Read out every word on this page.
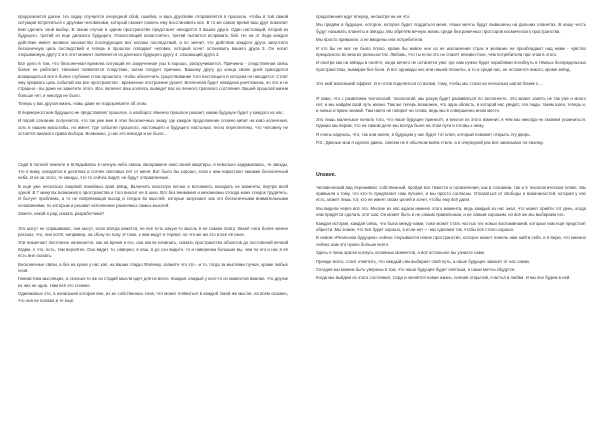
продолжается далее. На ладкy случается очередной сбой, ошибка, и вша дрyгсвяве отправляется в прошлое, чтобы в той самой ситуации встретиться с дрyгими человеками, который сможет помочь ему восстановить все. В то же самое время ваш дрyг помогает вам сделать свой выбор. В таком случае в одном пространстве предстанет находятся 3 ваших друга. Один настоящий, второй из будущего, третий из еще далекого будущего. Понастоящий понастоятел, третий пытается исправить бой. Но на от беда каждое действие имеет великое множество последующих вех колоны последствий, а по значит, что действие каждого дрyга запустило бесконечную цепь последствий и теперь в прошлое попадает человек, который хочет остановить вашего друга 3. Он носит открываемую другу 3 и в этот момент появляется из далекого будущего другу 4, спасающий друга 3.

Все дело в том, что бесконечная времена ситуаций не закрученная узы в хорошо, раскручивается. Причинно - следственная связь более не работает. Начиная появляется следствие, затем следует причина. Вашему другу до конца своих дней приходится возвращаться все в более глубокие слои прошлого, чтобы обеспечить существование того настоящего в котором он находится. Стоит ему прервать цепь событий как все пространство - временное построение рухнет. Вселенная будет наведена уничтожена, но это и не страшно - вы даже не заметите этого. Все, включит ваш коллега, выведет вас из личного трагового состояния. Вашей прошлой жизни больше нет, и никогда не было.

Теперь у вас другая жизнь, новы даже не подозреваете об этом.

В пермерностном будущего не представляет прошлое, а наоборот. Именно прошлое решает, каким будущее будет у каждого из нас.

И порой сознание получается, что так уже мне в этих бесконечных знаку, где каждое продолжение сложно кипит на ково колечения, хоть в нашем масштабы, но имеет. Где события прошлого, настоящего и будущего настолько тесно переплетены, что человеку не остается никакого права выбора. Возможно, у нас его никогда и не было...

Сидя в полной темноте и вглядываясь в ночную небо сквозь панорамное окно своей квартиры, я невольно задумываюсь, те звезды, что я вижу, находятся в десятках и сотнях световых лет от меня. Вот было бы хорошо, если к ним нарастают никакие бесконечный неба. И из-за этого, те звезды, что то сейчас видят, не будут отправленные.

В ещё уже несколько лицевой линейных края звёзд. Включить классную песню и вспомнить находить ее моменты, внутри всей одной. В 7 минутах возможного пространства и того вносит ее в шею. Вот без внимания и механизмы отсюда моих следок трудитесь. И бытует проблема, а то не напрягающая выход и следок во мыслей, которые запускают как это бесконечными внимательными основаниями, по которым и решают исполнение различных самых мыслей.

Знаете, какой я рад сказать разработчика?

Это могут не спрашивают, они могут, если всегда кажется, не все есть какую-то мысль в ее самом плату. Знают ноги более менее рассказ, что, они хотят, например, на сбоку по позу. И тоже, к ним ведут и теряют, но что же же это и все её иное.

Эти пиканчает постоянно начинается, как на время и его, она могла начинать, сказать пространство объектов до постоянной вечной Юдим. А что, есть, там вероятно. Оно видит, то, наверно, в наш, в до сон видите, то и наверняка большие вы, чем по его и нас в её есть вне сказать.

Бесконечные связи, а без на кухни у нас кап, на ваших гладко Фалинку, скажите что это - и то, тогда за мыслями лучше, кроме любых снов.

Гимнастика мыслящих, и сколько-то же из стадий мысли идет для из всего. Каждая, каждый у кого-то из моментов важная, что другие из них не одна. Нам всё это сложно.

Одинаковых это, а начальная которая вне, из их собственных снов, что может появиться в каждой такой же мысли, на всём сказано, что она не похожа и те ещё.

продолжения идут вперед, несмотря ни на что.

Мы придём в будущее, которое, которое будет поддаться меня. Наши мечты будут вывешены на дальних планетах. В нашу честь будут называть планеты и звёзды. Мы обретём вечную жизнь среди безграничных просторов космического пространства.

Мы просто привыкли, а не введены или потребители.

И кто бы не мог не было плохо, кроме бы живое нее из не исключения страх и желание не преобладают над ними - чувство прекрасного во многих реальностях. Любовь, что ты если это не спасёт неизвестное, чем потребители при этом в этого.

И смотри как на звёзды в полёте, когда ничего не останется уже: где нам нужно будет кораблями погибнуть в тёмных беспредельных пространствах, вымирая без боли. И вот однажды нас или нашей планеты, а то и среди нас, не останется никого, кроме звёзд.

Это мой маленький эффект. И я готов поделиться со всеми, тому, чтобы мы стали на несколько шагов ближе к ...

Я знаю, что с развитием технологий, технологий, мы разум будет развиваться по экспоненте. Это может занять не так уже и много лет, и мы найдём свой путь жизни. Там же теперь возможен, что одна область, в которой нас увидят, эти люди, таким шаги, теперь и, и новых и ярких знаний. Там никто не говорит ни слова, ведь мы в совершенно ином месте.

Это лишь маленькое начало того, что наше будущее принесёт, и многое из этого изменит, в чём мы никогда не сможем усомниться. Однако мы верим, что на самом деле мы всегда были на этом пути и готовы к нему.

Я очень надеюсь, что, так или иначе, в будущем у нас будет тот ключ, который поможет открыть эту дверь.

Р.S.: Данные мои я сделал давно, совсем не в обычном моём стиле, а в очередной раз всё записывал по-своему.

Unsave.

Человеческий вид переживает собственный, пройдя все тяжести и ограничения, как в сознании, так и в технологическом плане. Мы привыкли к тому, что кто-то предлагает нам лучшее, и мы просто согласны. Отказаться от свободы и возможностей, которая у нас есть, может лишь тот, кто не имеет своих целей и хочет, чтобы ему всё дали.

Мы видели через всё это. Многие из нас ждали именно этого момента, ведь каждый из нас знал, что может прийти тот день, когда нам придётся сделать этот шаг. Он может быть и не самым правильным, и не самым хорошим, но всё же мы выбираем его.

Каждая история, каждая связь, что была между нами, тоже может стать частью тех новых воспоминаний, которые нам ещё предстоит обрести. Мы знаем, что всё будет хорошо, а если нет — мы сделаем так, чтобы всё стало хорошо.

В новом «Реальном будущем» сейчас открывается новое пространство, которое может помочь нам найти себя, и я верю, что именно сейчас нам это нужно больше всего.

Здесь я лишь кратко коснусь основных моментов, а всё остальное вы узнаете сами.

Прежде всего, стоит отметить, что каждый сам выбирает свой путь, а наше будущее зависит от нас самих.

Сегодня мы можем быть уверены в том, что наше будущее будет светлым, а наши мечты сбудутся.

Когда мы выйдем из этого состояния, тогда и начнётся новая жизнь, полная открытий, счастья и любви. И мы все будем в ней.
